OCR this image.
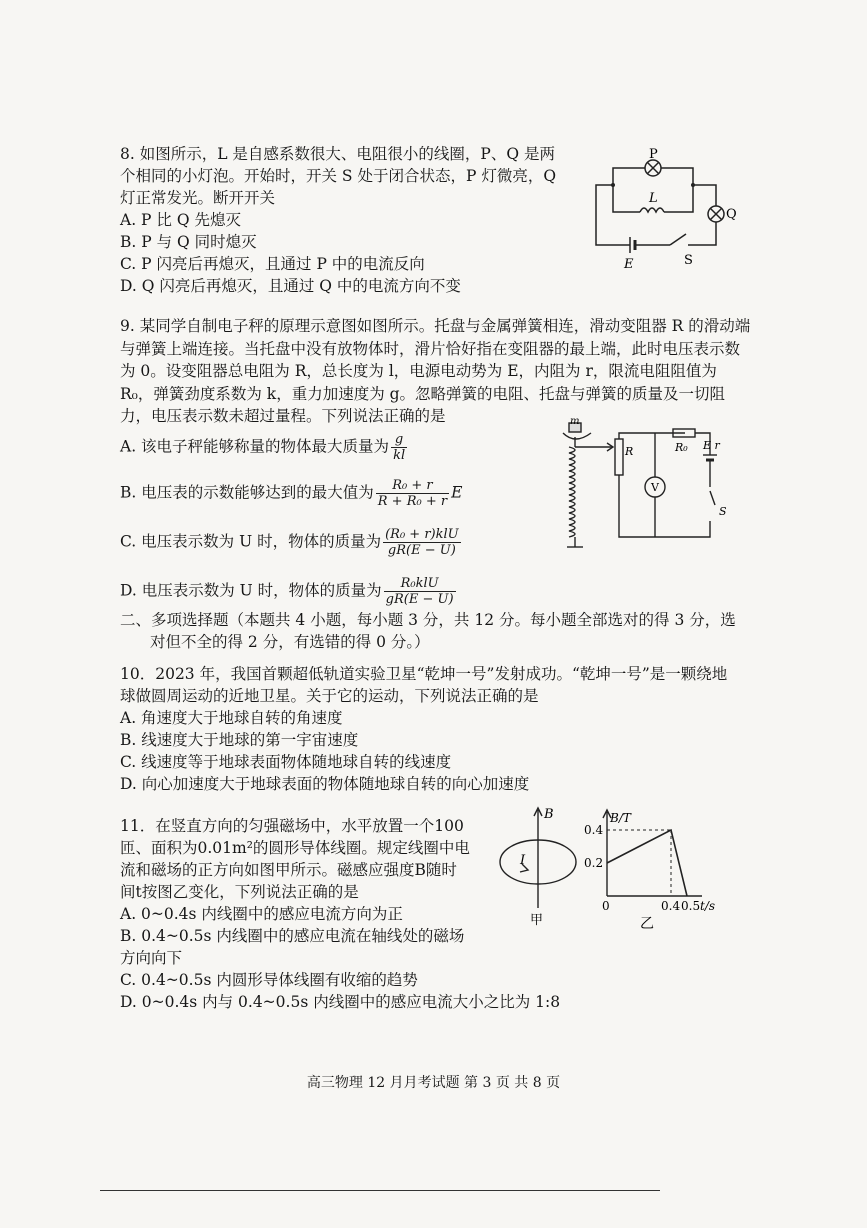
8. 如图所示，L 是自感系数很大、电阻很小的线圈，P、Q 是两
个相同的小灯泡。开始时，开关 S 处于闭合状态，P 灯微亮，Q
灯正常发光。断开开关
A. P 比 Q 先熄灭
B. P 与 Q 同时熄灭
C. P 闪亮后再熄灭，且通过 P 中的电流反向
D. Q 闪亮后再熄灭，且通过 Q 中的电流方向不变
P
L
Q
E	S
9. 某同学自制电子秤的原理示意图如图所示。托盘与金属弹簧相连，滑动变阻器 R 的滑动端与弹簧上端连接。当托盘中没有放物体时，滑片恰好指在变阻器的最上端，此时电压表示数为 0。设变阻器总电阻为 R，总长度为 l，电源电动势为 E，内阻为 r，限流电阻阻值为 R₀，弹簧劲度系数为 k，重力加速度为 g。忽略弹簧的电阻、托盘与弹簧的质量及一切阻力，电压表示数未超过量程。下列说法正确的是
A. 该电子秤能够称量的物体最大质量为 $\frac{g}{kl}$
B. 电压表的示数能够达到的最大值为 $\frac{\text{R₀ + r}}{\text{R + R₀ + r}}$ E
C. 电压表示数为 U 时，物体的质量为 $\frac{\text{(R₀ + r)klU}}{gR(E - U)}$
D. 电压表示数为 U 时，物体的质量为 $\frac{\text{R₀klU}}{gR(E - U)}$
m
R
V
R₀ E r
S
二、多项选择题（本题共 4 小题，每小题 3 分，共 12 分。每小题全部选对的得 3 分，选
对但不全的得 2 分，有选错的得 0 分。）
10．2023 年，我国首颗超低轨道实验卫星“乾坤一号”发射成功。“乾坤一号”是一颗绕地
球做圆周运动的近地卫星。关于它的运动，下列说法正确的是
A. 角速度大于地球自转的角速度
B. 线速度大于地球的第一宇宙速度
C. 线速度等于地球表面物体随地球自转的线速度
D. 向心加速度大于地球表面的物体随地球自转的向心加速度
11．在竖直方向的匀强磁场中，水平放置一个100
匝、面积为0.01m²的圆形导体线圈。规定线圈中电
流和磁场的正方向如图甲所示。磁感应强度B随时
间t按图乙变化，下列说法正确的是
A. 0~0.4s 内线圈中的感应电流方向为正
B. 0.4~0.5s 内线圈中的感应电流在轴线处的磁场
方向向下
C. 0.4~0.5s 内圆形导体线圈有收缩的趋势
D. 0~0.4s 内与 0.4~0.5s 内线圈中的感应电流大小之比为 1:8
B
I
甲
B/T
0.4
0.2
0	0.4 0.5 t/s
乙
高三物理 12 月月考试题 第 3 页 共 8 页
